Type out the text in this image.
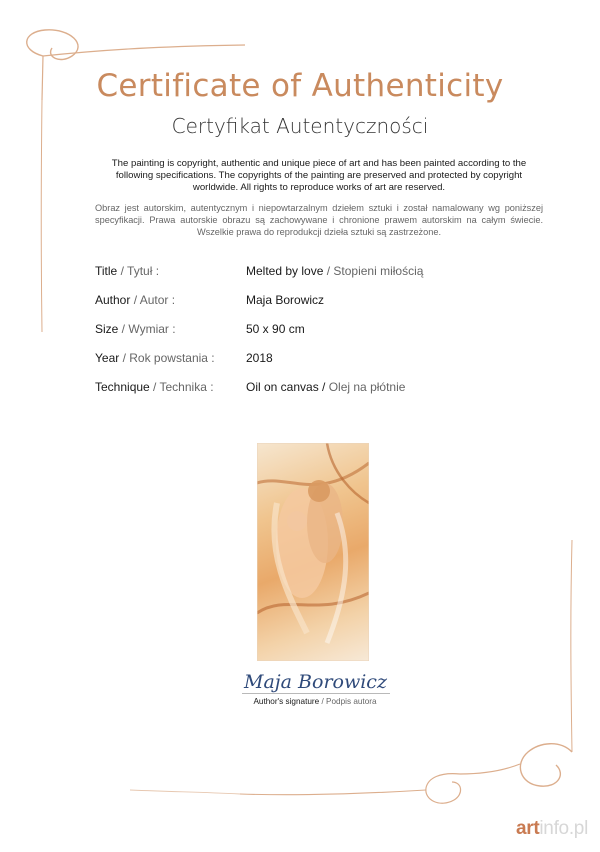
Certificate of Authenticity
Certyfikat Autentyczności
The painting is copyright, authentic and unique piece of art and has been painted according to the following specifications. The copyrights of the painting are preserved and protected by copyright worldwide. All rights to reproduce works of art are reserved.
Obraz jest autorskim, autentycznym i niepowtarzalnym dziełem sztuki i został namalowany wg poniższej specyfikacji. Prawa autorskie obrazu są zachowywane i chronione prawem autorskim na całym świecie. Wszelkie prawa do reprodukcji dzieła sztuki są zastrzeżone.
Title / Tytuł :	Melted by love / Stopieni miłością
Author / Autor :	Maja Borowicz
Size / Wymiar :	50 x 90 cm
Year / Rok powstania :	2018
Technique / Technika :	Oil on canvas / Olej na płótnie
Maja Borowicz
Author's signature / Podpis autora
artinfo.pl
